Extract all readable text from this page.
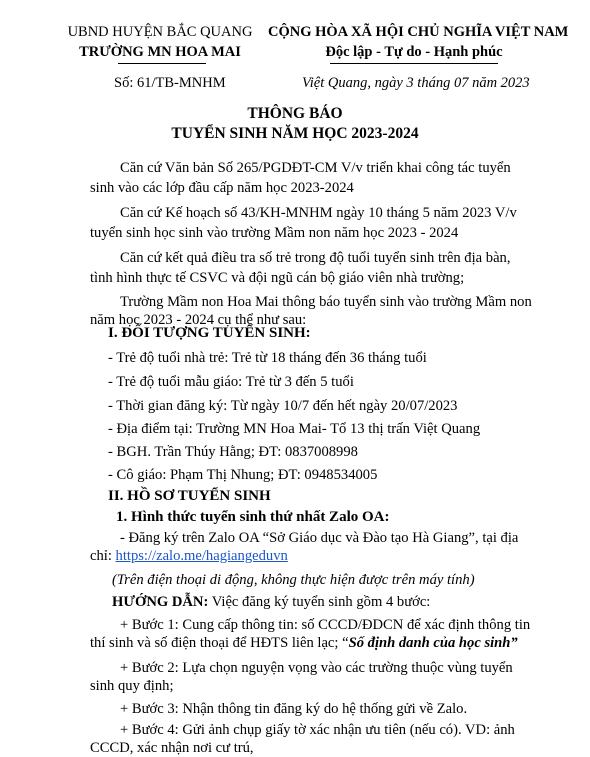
UBND HUYỆN BẮC QUANG
TRƯỜNG MN HOA MAI
CỘNG HÒA XÃ HỘI CHỦ NGHĨA VIỆT NAM
Độc lập - Tự do - Hạnh phúc
Số: 61/TB-MNHM	Việt Quang, ngày 3 tháng 07 năm 2023
THÔNG BÁO
TUYỂN SINH NĂM HỌC 2023-2024
Căn cứ Văn bản Số 265/PGDĐT-CM V/v triển khai công tác tuyển
sinh vào các lớp đầu cấp năm học 2023-2024
Căn cứ Kế hoạch số 43/KH-MNHM ngày 10 tháng 5 năm 2023 V/v
tuyển sinh học sinh vào trường Mầm non năm học 2023 - 2024
Căn cứ kết quả điều tra số trẻ trong độ tuổi tuyển sinh trên địa bàn,
tình hình thực tế CSVC và đội ngũ cán bộ giáo viên nhà trường;
Trường Mầm non Hoa Mai thông báo tuyển sinh vào trường Mầm non
năm học 2023 - 2024 cụ thể như sau:
I. ĐỐI TƯỢNG TUYỂN SINH:
- Trẻ độ tuổi nhà trẻ: Trẻ từ 18 tháng đến 36 tháng tuổi
- Trẻ độ tuổi mẫu giáo: Trẻ từ 3 đến 5 tuổi
- Thời gian đăng ký: Từ ngày 10/7 đến hết ngày 20/07/2023
- Địa điểm tại: Trường MN Hoa Mai- Tổ 13 thị trấn Việt Quang
- BGH. Trần Thúy Hằng; ĐT: 0837008998
- Cô giáo: Phạm Thị Nhung; ĐT: 0948534005
II. HỒ SƠ TUYỂN SINH
1. Hình thức tuyển sinh thứ nhất Zalo OA:
- Đăng ký trên Zalo OA “Sở Giáo dục và Đào tạo Hà Giang”, tại địa
chỉ: https://zalo.me/hagiangeduvn
(Trên điện thoại di động, không thực hiện được trên máy tính)
HƯỚNG DẪN: Việc đăng ký tuyển sinh gồm 4 bước:
+ Bước 1: Cung cấp thông tin: số CCCD/ĐDCN để xác định thông tin
thí sinh và số điện thoại để HĐTS liên lạc; “Số định danh của học sinh”
+ Bước 2: Lựa chọn nguyện vọng vào các trường thuộc vùng tuyển
sinh quy định;
+ Bước 3: Nhận thông tin đăng ký do hệ thống gửi về Zalo.
+ Bước 4: Gửi ảnh chụp giấy tờ xác nhận ưu tiên (nếu có). VD: ảnh
CCCD, xác nhận nơi cư trú,
